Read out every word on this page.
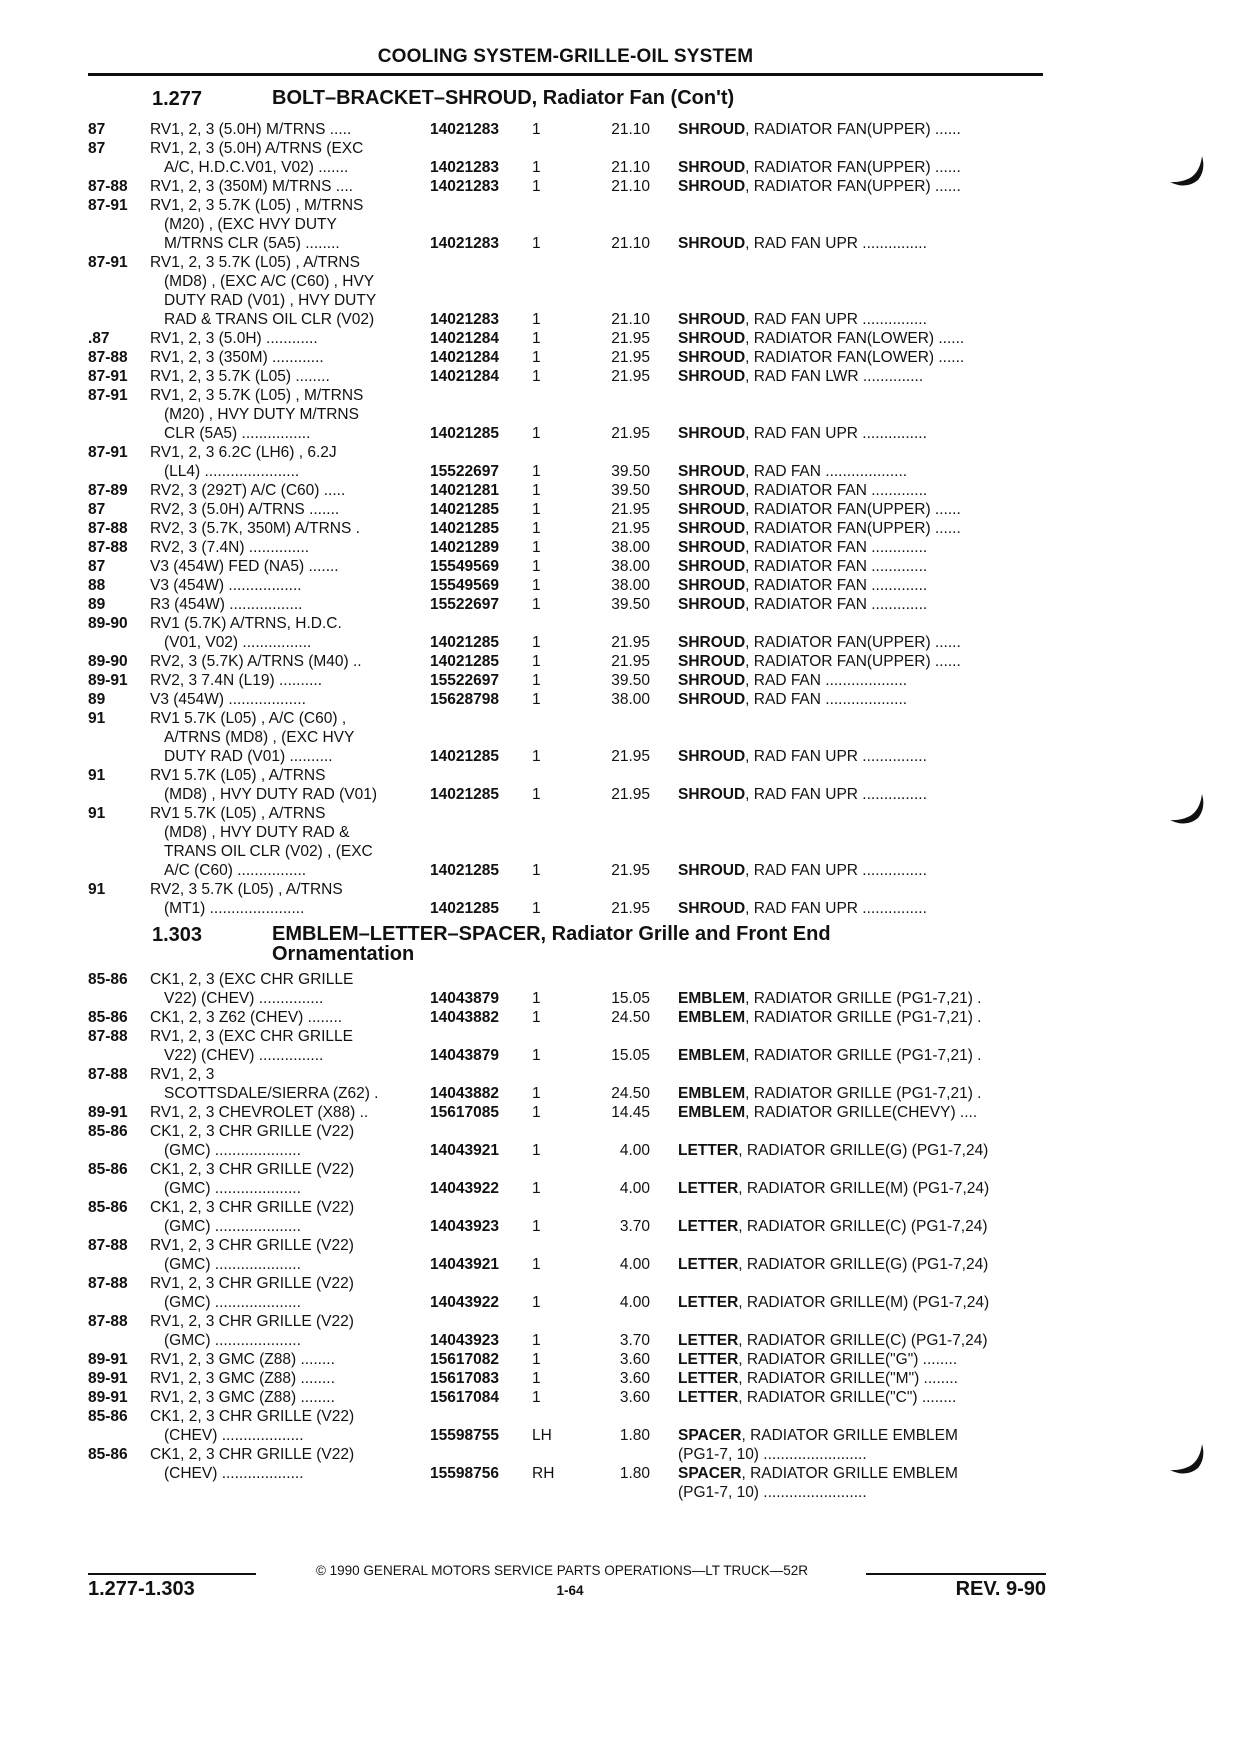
COOLING SYSTEM-GRILLE-OIL SYSTEM
1.277	BOLT–BRACKET–SHROUD, Radiator Fan (Con't)
87	RV1, 2, 3 (5.0H) M/TRNS .....	14021283 1	21.10 SHROUD, RADIATOR FAN(UPPER) ......
87	RV1, 2, 3 (5.0H) A/TRNS (EXC
A/C, H.D.C.V01, V02) .......	14021283 1	21.10 SHROUD, RADIATOR FAN(UPPER) ......
87-88 RV1, 2, 3 (350M) M/TRNS ....	14021283 1	21.10 SHROUD, RADIATOR FAN(UPPER) ......
87-91 RV1, 2, 3 5.7K (L05) , M/TRNS
(M20) , (EXC HVY DUTY
M/TRNS CLR (5A5) ........	14021283 1	21.10 SHROUD, RAD FAN UPR ...............
87-91 RV1, 2, 3 5.7K (L05) , A/TRNS
(MD8) , (EXC A/C (C60) , HVY
DUTY RAD (V01) , HVY DUTY
RAD & TRANS OIL CLR (V02)	14021283 1	21.10 SHROUD, RAD FAN UPR ...............
.87	RV1, 2, 3 (5.0H) ............	14021284 1	21.95 SHROUD, RADIATOR FAN(LOWER) ......
87-88 RV1, 2, 3 (350M) ............	14021284 1	21.95 SHROUD, RADIATOR FAN(LOWER) ......
87-91 RV1, 2, 3 5.7K (L05) ........	14021284 1	21.95 SHROUD, RAD FAN LWR ..............
87-91 RV1, 2, 3 5.7K (L05) , M/TRNS
(M20) , HVY DUTY M/TRNS
CLR (5A5) ................	14021285 1	21.95 SHROUD, RAD FAN UPR ...............
87-91 RV1, 2, 3 6.2C (LH6) , 6.2J
(LL4) ......................	15522697 1	39.50 SHROUD, RAD FAN ...................
87-89 RV2, 3 (292T) A/C (C60) .....	14021281 1	39.50 SHROUD, RADIATOR FAN .............
87	RV2, 3 (5.0H) A/TRNS .......	14021285 1	21.95 SHROUD, RADIATOR FAN(UPPER) ......
87-88 RV2, 3 (5.7K, 350M) A/TRNS .	14021285 1	21.95 SHROUD, RADIATOR FAN(UPPER) ......
87-88 RV2, 3 (7.4N) ..............	14021289 1	38.00 SHROUD, RADIATOR FAN .............
87	V3 (454W) FED (NA5) .......	15549569 1	38.00 SHROUD, RADIATOR FAN .............
88	V3 (454W) .................	15549569 1	38.00 SHROUD, RADIATOR FAN .............
89	R3 (454W) .................	15522697 1	39.50 SHROUD, RADIATOR FAN .............
89-90 RV1 (5.7K) A/TRNS, H.D.C.
(V01, V02) ................	14021285 1	21.95 SHROUD, RADIATOR FAN(UPPER) ......
89-90 RV2, 3 (5.7K) A/TRNS (M40) ..	14021285 1	21.95 SHROUD, RADIATOR FAN(UPPER) ......
89-91 RV2, 3 7.4N (L19) ..........	15522697 1	39.50 SHROUD, RAD FAN ...................
89	V3 (454W) ..................	15628798 1	38.00 SHROUD, RAD FAN ...................
91	RV1 5.7K (L05) , A/C (C60) ,
A/TRNS (MD8) , (EXC HVY
DUTY RAD (V01) ..........	14021285 1	21.95 SHROUD, RAD FAN UPR ...............
91	RV1 5.7K (L05) , A/TRNS
(MD8) , HVY DUTY RAD (V01)	14021285 1	21.95 SHROUD, RAD FAN UPR ...............
91	RV1 5.7K (L05) , A/TRNS
(MD8) , HVY DUTY RAD &
TRANS OIL CLR (V02) , (EXC
A/C (C60) ................	14021285 1	21.95 SHROUD, RAD FAN UPR ...............
91	RV2, 3 5.7K (L05) , A/TRNS
(MT1) ......................	14021285 1	21.95 SHROUD, RAD FAN UPR ...............
1.303	EMBLEM–LETTER–SPACER, Radiator Grille and Front End
Ornamentation
85-86 CK1, 2, 3 (EXC CHR GRILLE
V22) (CHEV) ...............	14043879 1	15.05 EMBLEM, RADIATOR GRILLE (PG1-7,21) .
85-86 CK1, 2, 3 Z62 (CHEV) ........	14043882 1	24.50 EMBLEM, RADIATOR GRILLE (PG1-7,21) .
87-88 RV1, 2, 3 (EXC CHR GRILLE
V22) (CHEV) ...............	14043879 1	15.05 EMBLEM, RADIATOR GRILLE (PG1-7,21) .
87-88 RV1, 2, 3
SCOTTSDALE/SIERRA (Z62) .	14043882 1	24.50 EMBLEM, RADIATOR GRILLE (PG1-7,21) .
89-91 RV1, 2, 3 CHEVROLET (X88) ..	15617085 1	14.45 EMBLEM, RADIATOR GRILLE(CHEVY) ....
85-86 CK1, 2, 3 CHR GRILLE (V22)
(GMC) ....................	14043921 1	4.00 LETTER, RADIATOR GRILLE(G) (PG1-7,24)
85-86 CK1, 2, 3 CHR GRILLE (V22)
(GMC) ....................	14043922 1	4.00 LETTER, RADIATOR GRILLE(M) (PG1-7,24)
85-86 CK1, 2, 3 CHR GRILLE (V22)
(GMC) ....................	14043923 1	3.70 LETTER, RADIATOR GRILLE(C) (PG1-7,24)
87-88 RV1, 2, 3 CHR GRILLE (V22)
(GMC) ....................	14043921 1	4.00 LETTER, RADIATOR GRILLE(G) (PG1-7,24)
87-88 RV1, 2, 3 CHR GRILLE (V22)
(GMC) ....................	14043922 1	4.00 LETTER, RADIATOR GRILLE(M) (PG1-7,24)
87-88 RV1, 2, 3 CHR GRILLE (V22)
(GMC) ....................	14043923 1	3.70 LETTER, RADIATOR GRILLE(C) (PG1-7,24)
89-91 RV1, 2, 3 GMC (Z88) ........	15617082 1	3.60 LETTER, RADIATOR GRILLE("G") ........
89-91 RV1, 2, 3 GMC (Z88) ........	15617083 1	3.60 LETTER, RADIATOR GRILLE("M") ........
89-91 RV1, 2, 3 GMC (Z88) ........	15617084 1	3.60 LETTER, RADIATOR GRILLE("C") ........
85-86 CK1, 2, 3 CHR GRILLE (V22)
(CHEV) ...................	15598755 LH	1.80 SPACER, RADIATOR GRILLE EMBLEM
(PG1-7, 10) ........................
85-86 CK1, 2, 3 CHR GRILLE (V22)
(CHEV) ...................	15598756 RH	1.80 SPACER, RADIATOR GRILLE EMBLEM
(PG1-7, 10) ........................
© 1990 GENERAL MOTORS SERVICE PARTS OPERATIONS—LT TRUCK—52R
1.277-1.303	1-64	REV. 9-90
